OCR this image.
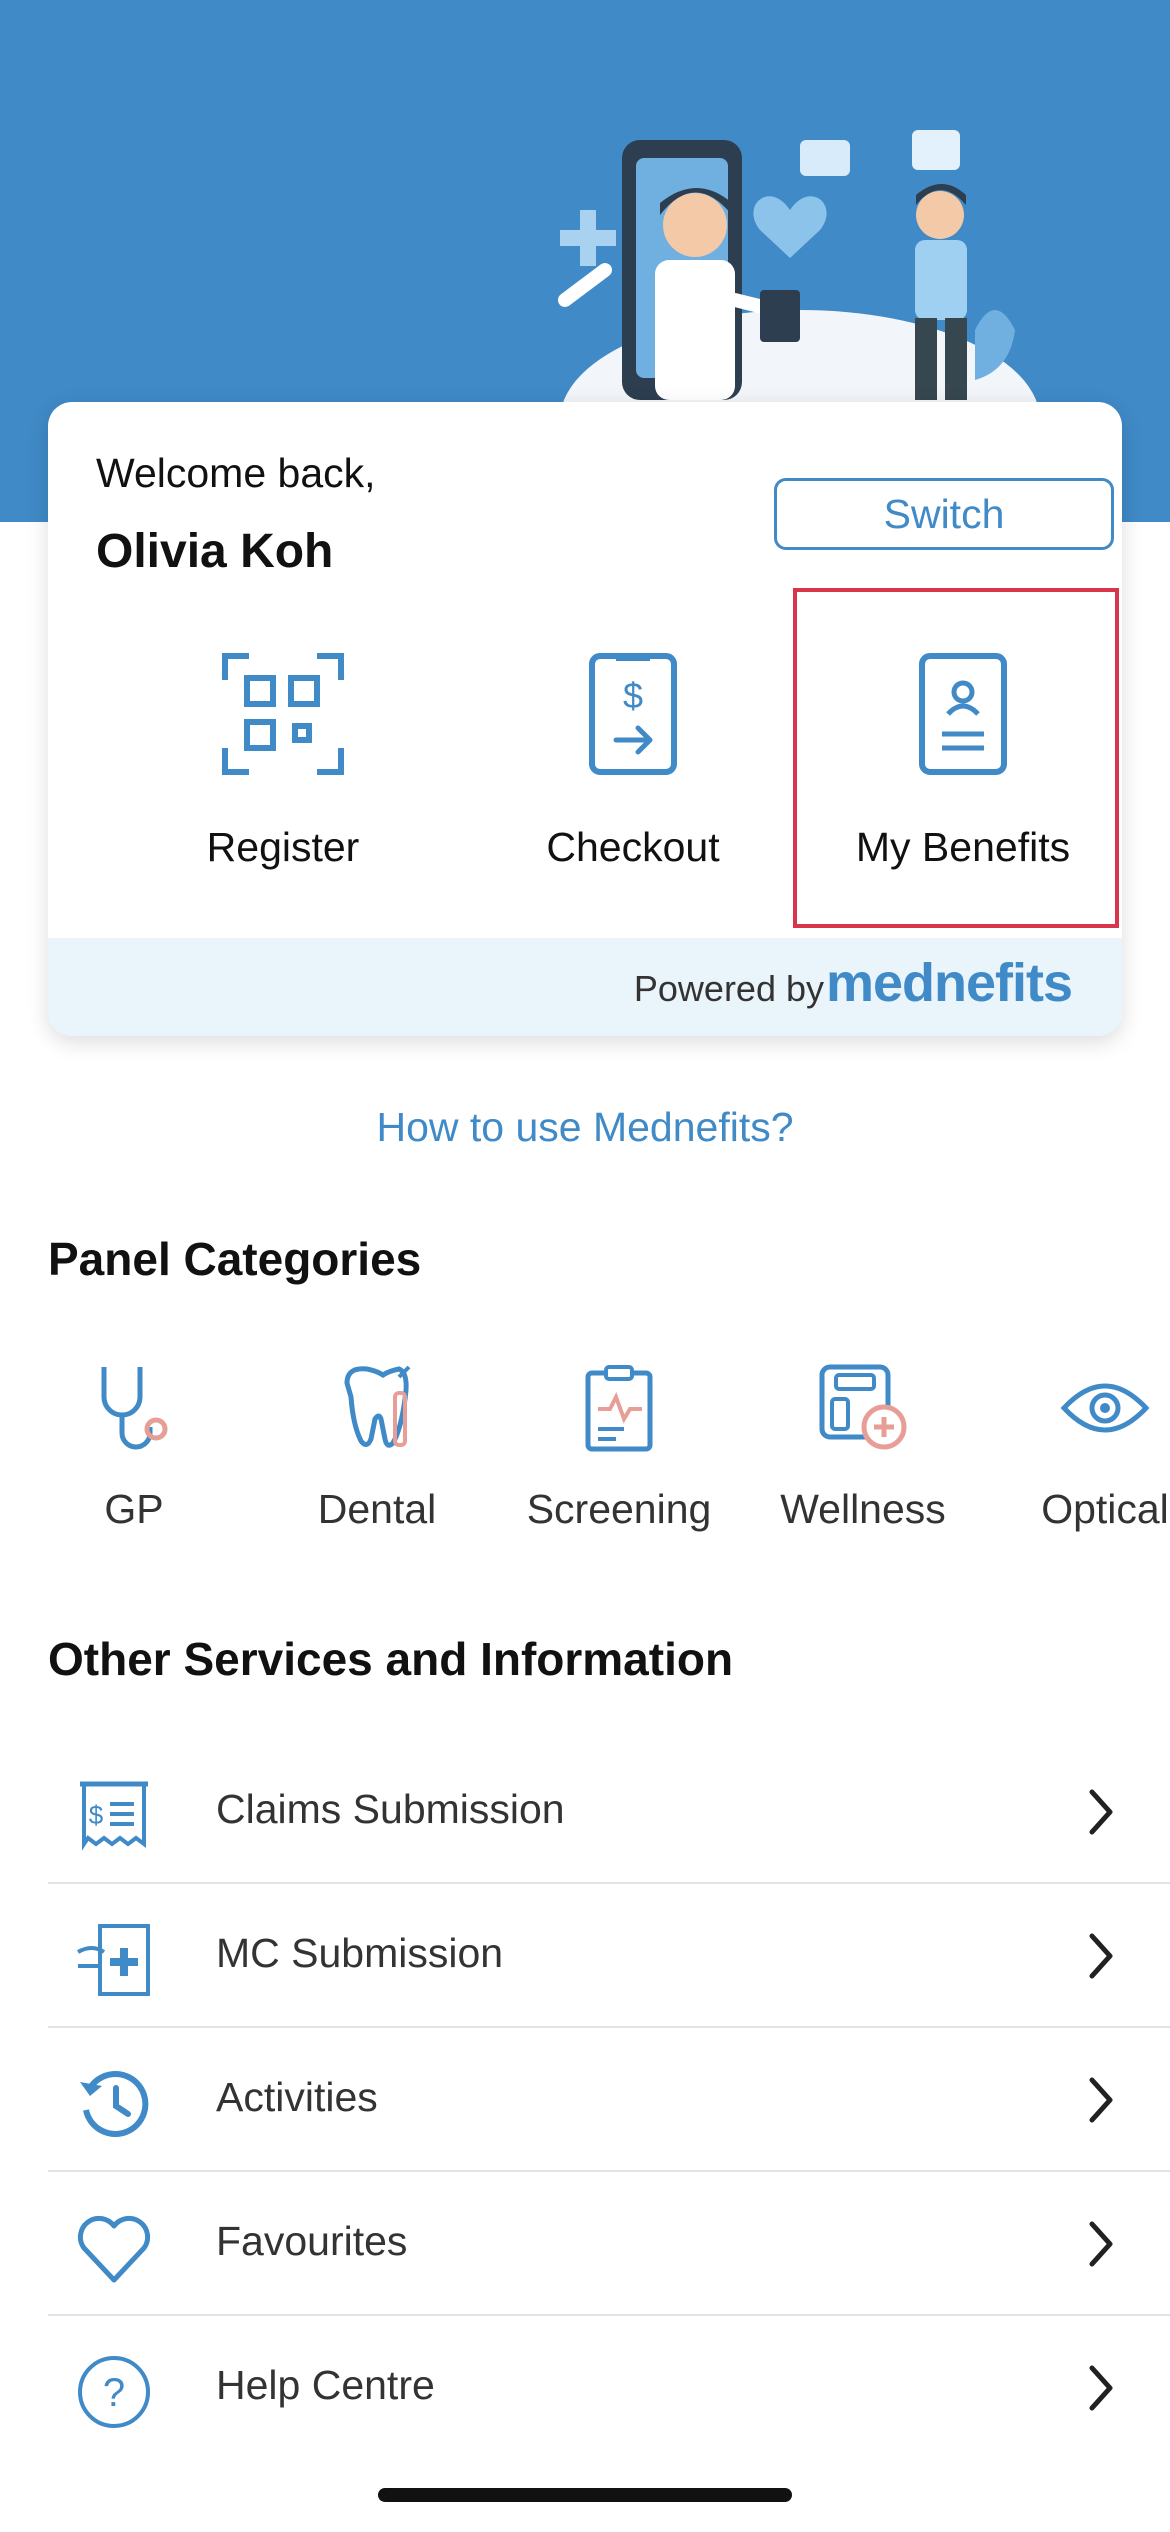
Welcome back,
Olivia Koh
Switch
Register
$
Checkout	My Benefits
Powered by mednefits
How to use Mednefits?
Panel Categories
GP	Dental	Screening	Wellness	Optical
Other Services and Information
$	Claims Submission
MC Submission
Activities
Favourites
? Help Centre
